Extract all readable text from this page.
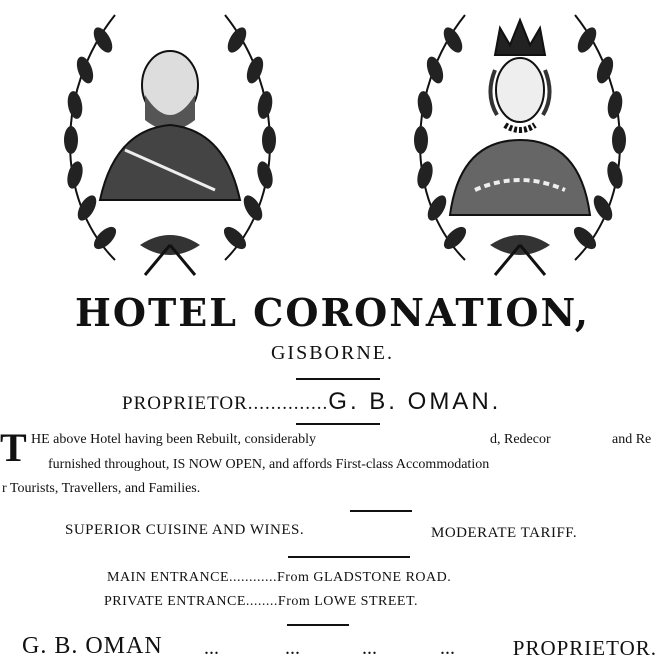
HOTEL CORONATION,
GISBORNE.
PROPRIETOR..............G. B. OMAN.
T HE above Hotel having been Rebuilt, considerably	d, Redecor	and Re
furnished throughout, IS NOW OPEN, and affords First-class Accommodation
r Tourists, Travellers, and Families.
SUPERIOR CUISINE AND WINES.	MODERATE TARIFF.
MAIN ENTRANCE............From GLADSTONE ROAD.
PRIVATE ENTRANCE........From LOWE STREET.
G. B. OMAN ...	...	...	...	PROPRIETOR.
